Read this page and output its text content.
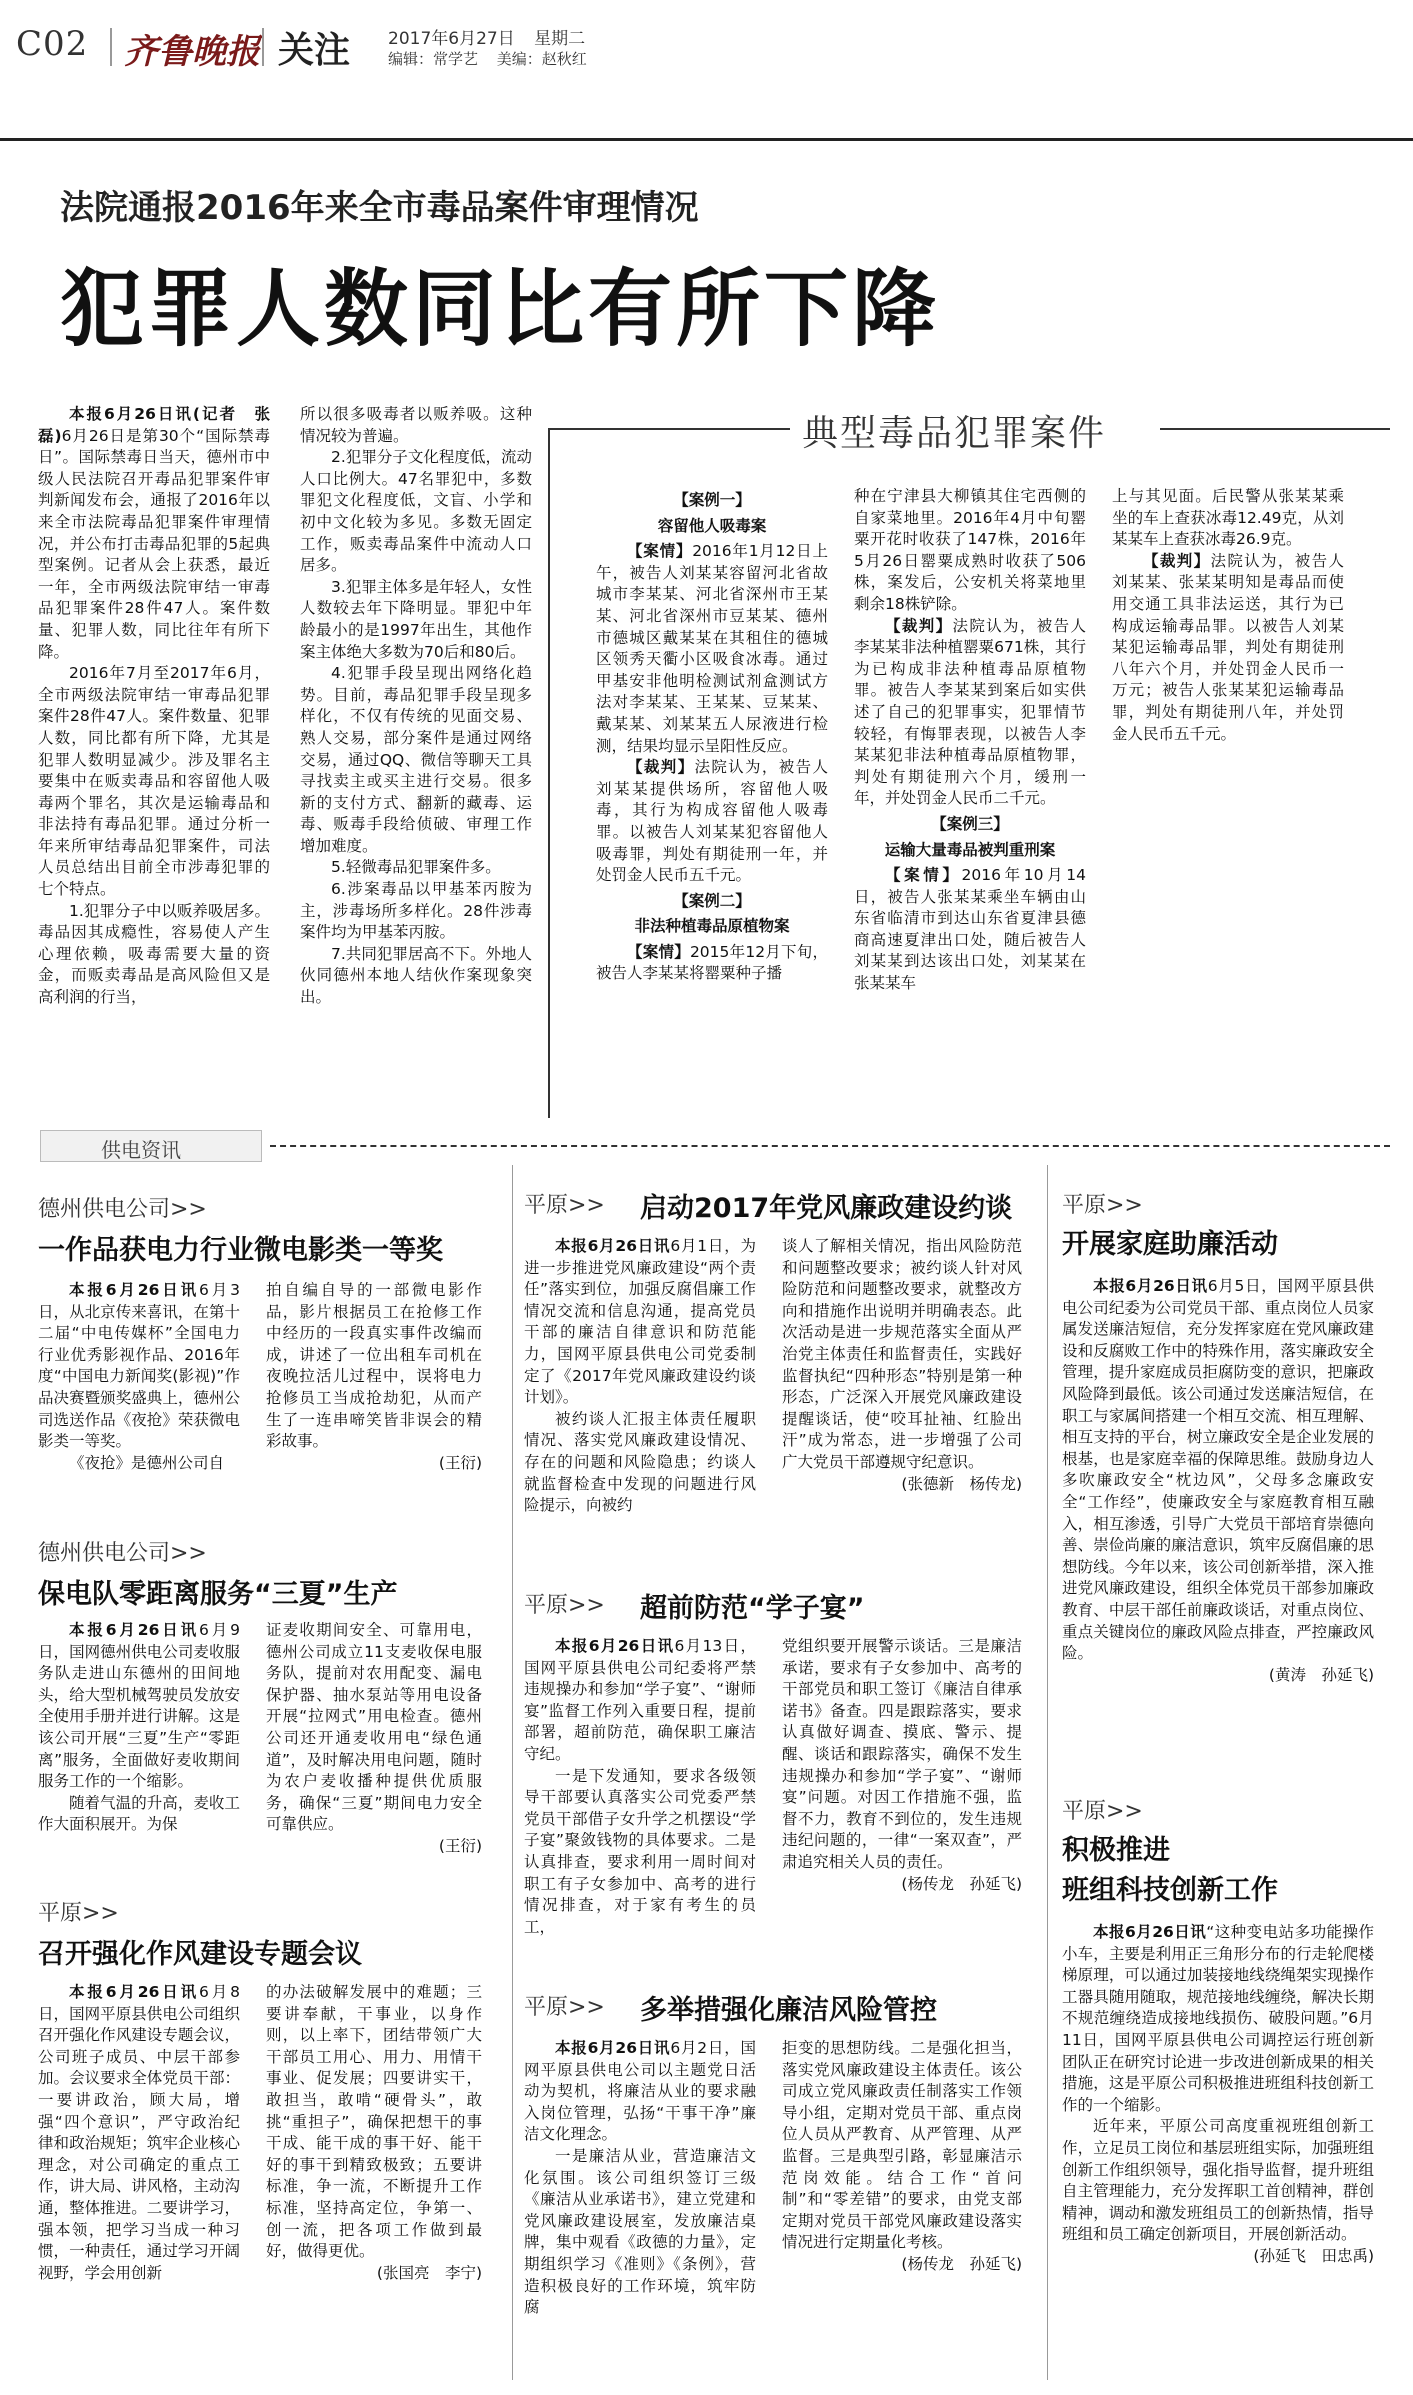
C02 齐鲁晚报 关注 2017年6月27日 星期二
编辑：常学艺 美编：赵秋红
法院通报2016年来全市毒品案件审理情况
犯罪人数同比有所下降

本报6月26日讯(记者　张磊)6月26日是第30个“国际禁毒日”。国际禁毒日当天，德州市中级人民法院召开毒品犯罪案件审判新闻发布会，通报了2016年以来全市法院毒品犯罪案件审理情况，并公布打击毒品犯罪的5起典型案例。记者从会上获悉，最近一年，全市两级法院审结一审毒品犯罪案件28件47人。案件数量、犯罪人数，同比往年有所下降。

2016年7月至2017年6月，全市两级法院审结一审毒品犯罪案件28件47人。案件数量、犯罪人数，同比都有所下降，尤其是犯罪人数明显减少。涉及罪名主要集中在贩卖毒品和容留他人吸毒两个罪名，其次是运输毒品和非法持有毒品犯罪。通过分析一年来所审结毒品犯罪案件，司法人员总结出目前全市涉毒犯罪的七个特点。

1.犯罪分子中以贩养吸居多。毒品因其成瘾性，容易使人产生心理依赖，吸毒需要大量的资金，而贩卖毒品是高风险但又是高利润的行当，

所以很多吸毒者以贩养吸。这种情况较为普遍。

2.犯罪分子文化程度低，流动人口比例大。47名罪犯中，多数罪犯文化程度低，文盲、小学和初中文化较为多见。多数无固定工作，贩卖毒品案件中流动人口居多。

3.犯罪主体多是年轻人，女性人数较去年下降明显。罪犯中年龄最小的是1997年出生，其他作案主体绝大多数为70后和80后。

4.犯罪手段呈现出网络化趋势。目前，毒品犯罪手段呈现多样化，不仅有传统的见面交易、熟人交易，部分案件是通过网络交易，通过QQ、微信等聊天工具寻找卖主或买主进行交易。很多新的支付方式、翻新的藏毒、运毒、贩毒手段给侦破、审理工作增加难度。

5.轻微毒品犯罪案件多。

6.涉案毒品以甲基苯丙胺为主，涉毒场所多样化。28件涉毒案件均为甲基苯丙胺。

7.共同犯罪居高不下。外地人伙同德州本地人结伙作案现象突出。

典型毒品犯罪案件

【案例一】

容留他人吸毒案

【案情】2016年1月12日上午，被告人刘某某容留河北省故城市李某某、河北省深州市王某某、河北省深州市豆某某、德州市德城区戴某某在其租住的德城区领秀天衢小区吸食冰毒。通过甲基安非他明检测试剂盒测试方法对李某某、王某某、豆某某、戴某某、刘某某五人尿液进行检测，结果均显示呈阳性反应。

【裁判】法院认为，被告人刘某某提供场所，容留他人吸毒，其行为构成容留他人吸毒罪。以被告人刘某某犯容留他人吸毒罪，判处有期徒刑一年，并处罚金人民币五千元。

【案例二】

非法种植毒品原植物案

【案情】2015年12月下旬，被告人李某某将罂粟种子播

种在宁津县大柳镇其住宅西侧的自家菜地里。2016年4月中旬罂粟开花时收获了147株，2016年5月26日罂粟成熟时收获了506株，案发后，公安机关将菜地里剩余18株铲除。

【裁判】法院认为，被告人李某某非法种植罂粟671株，其行为已构成非法种植毒品原植物罪。被告人李某某到案后如实供述了自己的犯罪事实，犯罪情节较轻，有悔罪表现，以被告人李某某犯非法种植毒品原植物罪，判处有期徒刑六个月，缓刑一年，并处罚金人民币二千元。

【案例三】

运输大量毒品被判重刑案

【案情】2016年10月14日，被告人张某某乘坐车辆由山东省临清市到达山东省夏津县德商高速夏津出口处，随后被告人刘某某到达该出口处，刘某某在张某某车

上与其见面。后民警从张某某乘坐的车上查获冰毒12.49克，从刘某某车上查获冰毒26.9克。

【裁判】法院认为，被告人刘某某、张某某明知是毒品而使用交通工具非法运送，其行为已构成运输毒品罪。以被告人刘某某犯运输毒品罪，判处有期徒刑八年六个月，并处罚金人民币一万元；被告人张某某犯运输毒品罪，判处有期徒刑八年，并处罚金人民币五千元。

供电资讯
德州供电公司>>
一作品获电力行业微电影类一等奖

本报6月26日讯6月3日，从北京传来喜讯，在第十二届“中电传媒杯”全国电力行业优秀影视作品、2016年度“中国电力新闻奖(影视)”作品决赛暨颁奖盛典上，德州公司选送作品《夜抢》荣获微电影类一等奖。

《夜抢》是德州公司自

拍自编自导的一部微电影作品，影片根据员工在抢修工作中经历的一段真实事件改编而成，讲述了一位出租车司机在夜晚拉活儿过程中，误将电力抢修员工当成抢劫犯，从而产生了一连串啼笑皆非误会的精彩故事。

(王衍)

德州供电公司>>
保电队零距离服务“三夏”生产

本报6月26日讯6月9日，国网德州供电公司麦收服务队走进山东德州的田间地头，给大型机械驾驶员发放安全使用手册并进行讲解。这是该公司开展“三夏”生产“零距离”服务，全面做好麦收期间服务工作的一个缩影。

随着气温的升高，麦收工作大面积展开。为保

证麦收期间安全、可靠用电，德州公司成立11支麦收保电服务队，提前对农用配变、漏电保护器、抽水泵站等用电设备开展“拉网式”用电检查。德州公司还开通麦收用电“绿色通道”，及时解决用电问题，随时为农户麦收播种提供优质服务，确保“三夏”期间电力安全可靠供应。

(王衍)

平原>>
召开强化作风建设专题会议

本报6月26日讯6月8日，国网平原县供电公司组织召开强化作风建设专题会议，公司班子成员、中层干部参加。会议要求全体党员干部：一要讲政治，顾大局，增强“四个意识”，严守政治纪律和政治规矩；筑牢企业核心理念，对公司确定的重点工作，讲大局、讲风格，主动沟通，整体推进。二要讲学习，强本领，把学习当成一种习惯，一种责任，通过学习开阔视野，学会用创新

的办法破解发展中的难题；三要讲奉献，干事业，以身作则，以上率下，团结带领广大干部员工用心、用力、用情干事业、促发展；四要讲实干，敢担当，敢啃“硬骨头”，敢挑“重担子”，确保把想干的事干成、能干成的事干好、能干好的事干到精致极致；五要讲标准，争一流，不断提升工作标准，坚持高定位，争第一、创一流，把各项工作做到最好，做得更优。

(张国亮　李宁)

平原>> 启动2017年党风廉政建设约谈

本报6月26日讯6月1日，为进一步推进党风廉政建设“两个责任”落实到位，加强反腐倡廉工作情况交流和信息沟通，提高党员干部的廉洁自律意识和防范能力，国网平原县供电公司党委制定了《2017年党风廉政建设约谈计划》。

被约谈人汇报主体责任履职情况、落实党风廉政建设情况、存在的问题和风险隐患；约谈人就监督检查中发现的问题进行风险提示，向被约

谈人了解相关情况，指出风险防范和问题整改要求；被约谈人针对风险防范和问题整改要求，就整改方向和措施作出说明并明确表态。此次活动是进一步规范落实全面从严治党主体责任和监督责任，实践好监督执纪“四种形态”特别是第一种形态，广泛深入开展党风廉政建设提醒谈话，使“咬耳扯袖、红脸出汗”成为常态，进一步增强了公司广大党员干部遵规守纪意识。

(张德新　杨传龙)

平原>> 超前防范“学子宴”

本报6月26日讯6月13日，国网平原县供电公司纪委将严禁违规操办和参加“学子宴”、“谢师宴”监督工作列入重要日程，提前部署，超前防范，确保职工廉洁守纪。

一是下发通知，要求各级领导干部要认真落实公司党委严禁党员干部借子女升学之机摆设“学子宴”聚敛钱物的具体要求。二是认真排查，要求利用一周时间对职工有子女参加中、高考的进行情况排查，对于家有考生的员工，

党组织要开展警示谈话。三是廉洁承诺，要求有子女参加中、高考的干部党员和职工签订《廉洁自律承诺书》备查。四是跟踪落实，要求认真做好调查、摸底、警示、提醒、谈话和跟踪落实，确保不发生违规操办和参加“学子宴”、“谢师宴”问题。对因工作措施不强，监督不力，教育不到位的，发生违规违纪问题的，一律“一案双查”，严肃追究相关人员的责任。

(杨传龙　孙延飞)

平原>> 多举措强化廉洁风险管控

本报6月26日讯6月2日，国网平原县供电公司以主题党日活动为契机，将廉洁从业的要求融入岗位管理，弘扬“干事干净”廉洁文化理念。

一是廉洁从业，营造廉洁文化氛围。该公司组织签订三级《廉洁从业承诺书》，建立党建和党风廉政建设展室，发放廉洁桌牌，集中观看《政德的力量》，定期组织学习《准则》《条例》，营造积极良好的工作环境，筑牢防腐

拒变的思想防线。二是强化担当，落实党风廉政建设主体责任。该公司成立党风廉政责任制落实工作领导小组，定期对党员干部、重点岗位人员从严教育、从严管理、从严监督。三是典型引路，彰显廉洁示范岗效能。结合工作“首问制”和“零差错”的要求，由党支部定期对党员干部党风廉政建设落实情况进行定期量化考核。

(杨传龙　孙延飞)

平原>>
开展家庭助廉活动

本报6月26日讯6月5日，国网平原县供电公司纪委为公司党员干部、重点岗位人员家属发送廉洁短信，充分发挥家庭在党风廉政建设和反腐败工作中的特殊作用，落实廉政安全管理，提升家庭成员拒腐防变的意识，把廉政风险降到最低。该公司通过发送廉洁短信，在职工与家属间搭建一个相互交流、相互理解、相互支持的平台，树立廉政安全是企业发展的根基，也是家庭幸福的保障思维。鼓励身边人多吹廉政安全“枕边风”，父母多念廉政安全“工作经”，使廉政安全与家庭教育相互融入，相互渗透，引导广大党员干部培育崇德向善、崇俭尚廉的廉洁意识，筑牢反腐倡廉的思想防线。今年以来，该公司创新举措，深入推进党风廉政建设，组织全体党员干部参加廉政教育、中层干部任前廉政谈话，对重点岗位、重点关键岗位的廉政风险点排查，严控廉政风险。

(黄涛　孙延飞)

平原>>
积极推进
班组科技创新工作

本报6月26日讯“这种变电站多功能操作小车，主要是利用正三角形分布的行走轮爬楼梯原理，可以通过加装接地线绕绳架实现操作工器具随用随取，规范接地线缠绕，解决长期不规范缠绕造成接地线损伤、破股问题。”6月11日，国网平原县供电公司调控运行班创新团队正在研究讨论进一步改进创新成果的相关措施，这是平原公司积极推进班组科技创新工作的一个缩影。

近年来，平原公司高度重视班组创新工作，立足员工岗位和基层班组实际，加强班组创新工作组织领导，强化指导监督，提升班组自主管理能力，充分发挥职工首创精神，群创精神，调动和激发班组员工的创新热情，指导班组和员工确定创新项目，开展创新活动。

(孙延飞　田忠禹)
